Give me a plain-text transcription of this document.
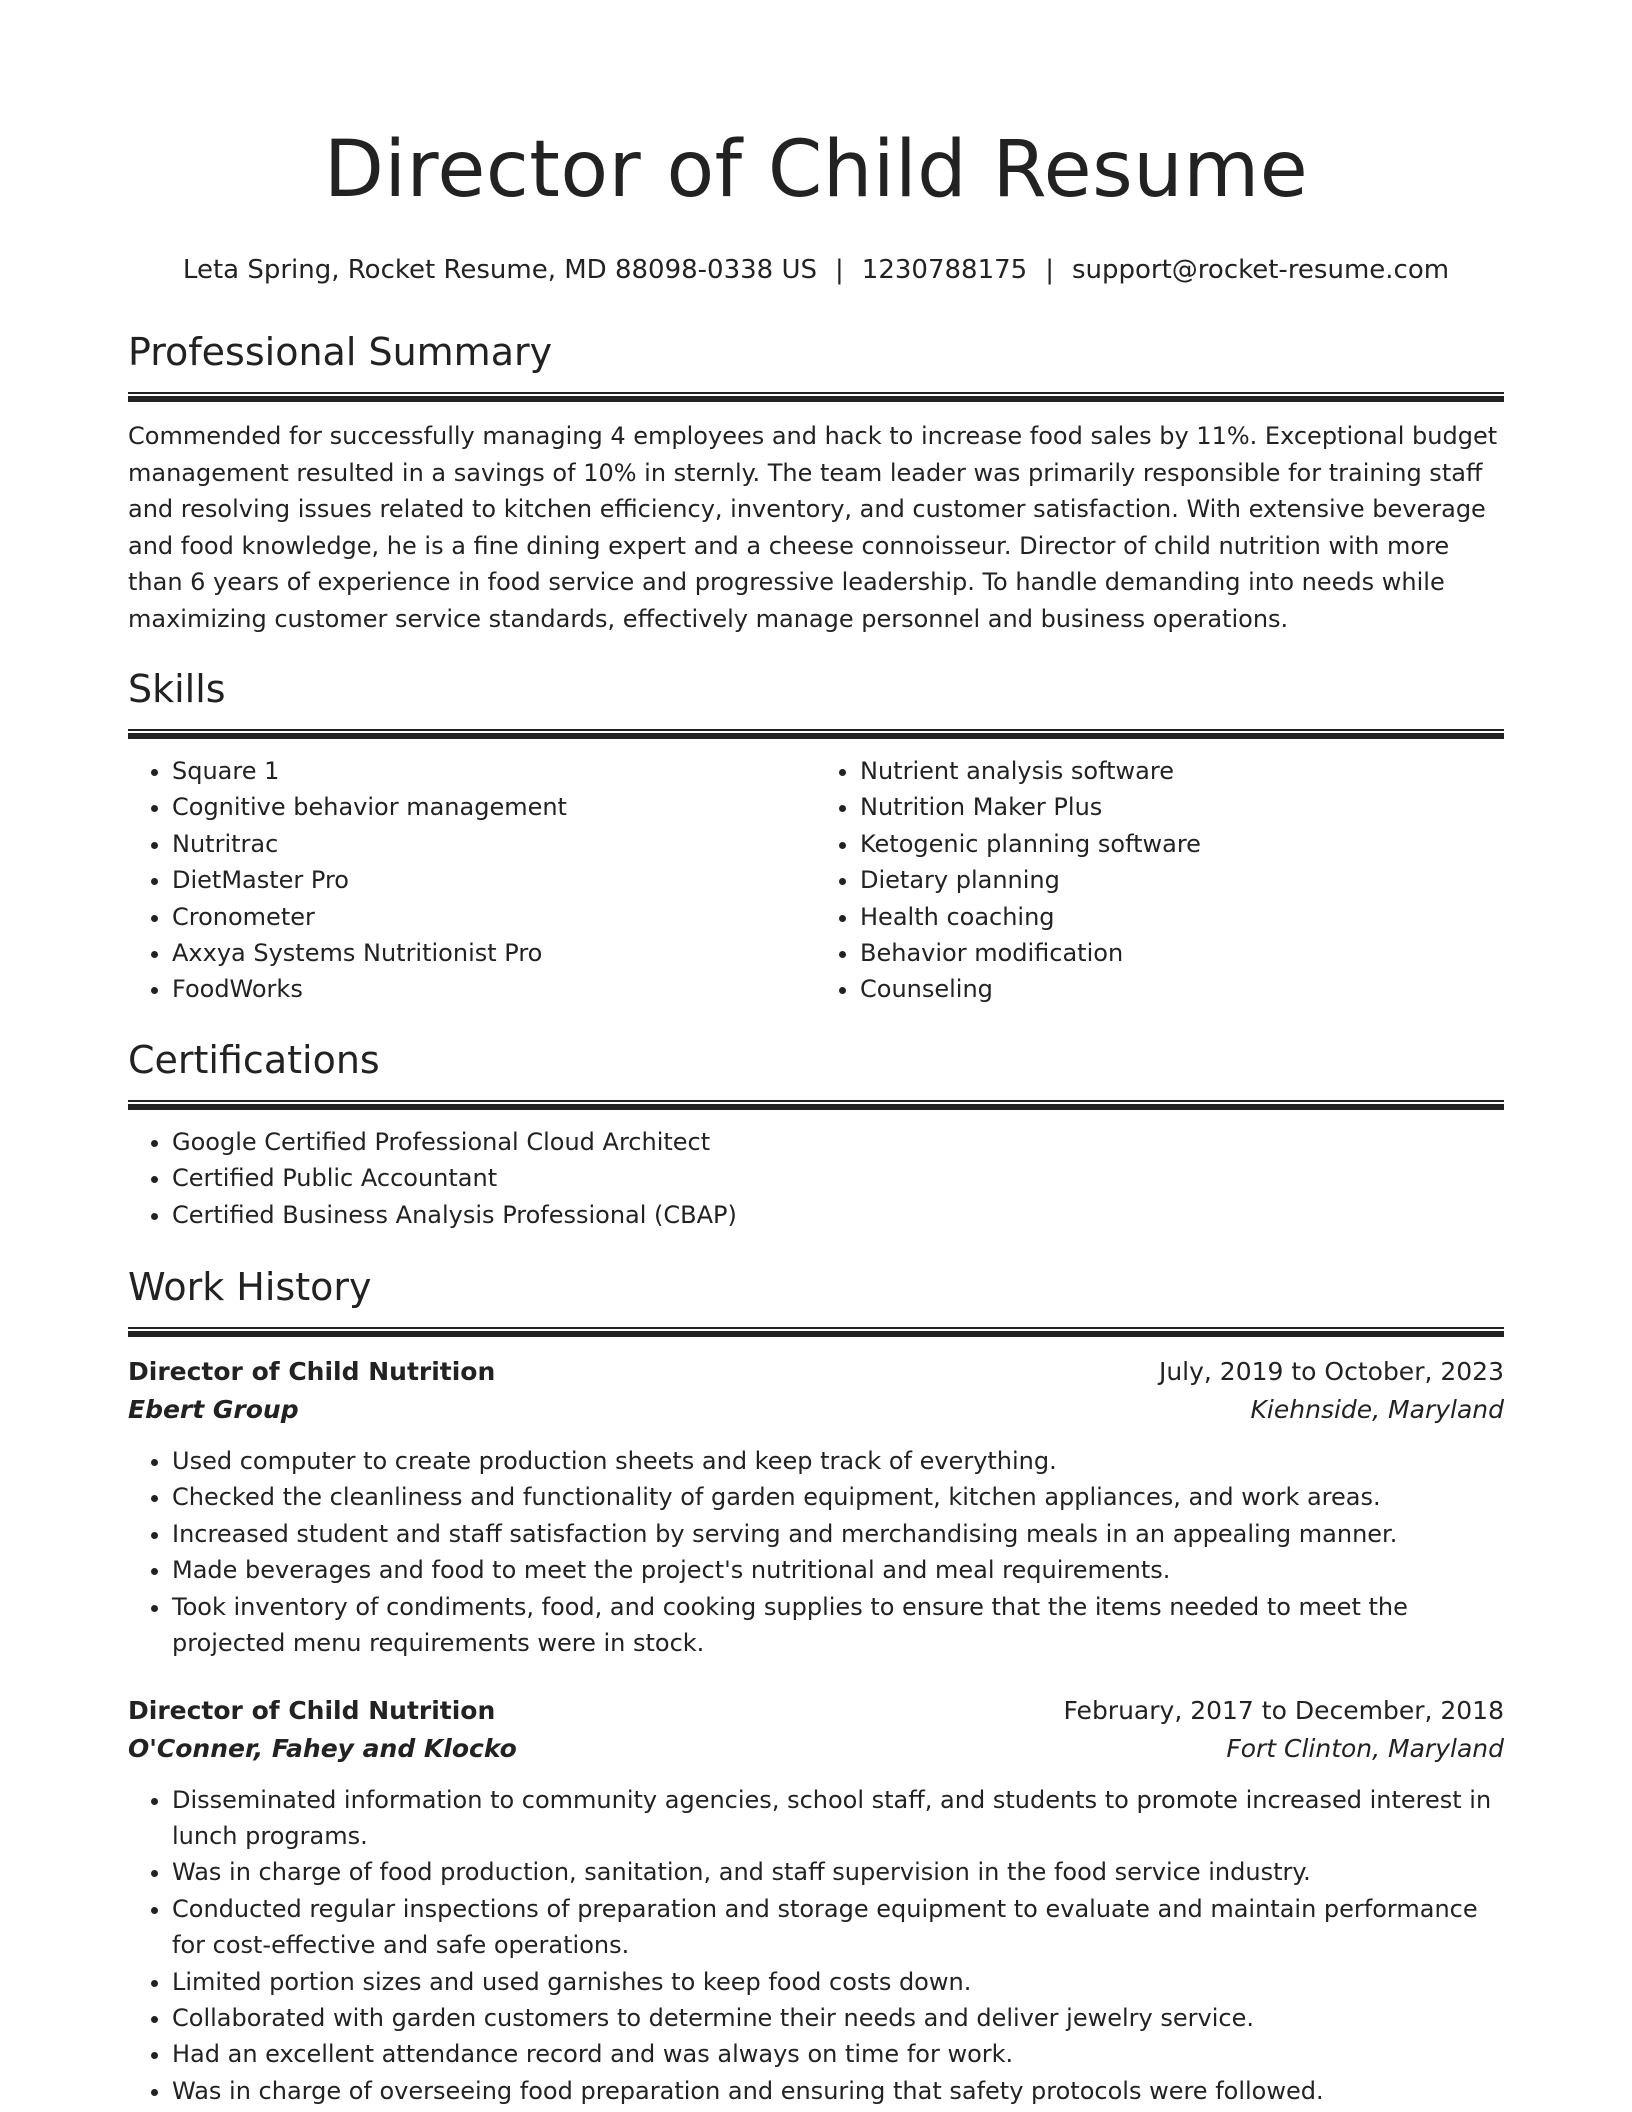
Director of Child Resume
Leta Spring, Rocket Resume, MD 88098-0338 US | 1230788175 | support@rocket-resume.com
Professional Summary

Commended for successfully managing 4 employees and hack to increase food sales by 11%. Exceptional budget management resulted in a savings of 10% in sternly. The team leader was primarily responsible for training staff and resolving issues related to kitchen efficiency, inventory, and customer satisfaction. With extensive beverage and food knowledge, he is a fine dining expert and a cheese connoisseur. Director of child nutrition with more than 6 years of experience in food service and progressive leadership. To handle demanding into needs while maximizing customer service standards, effectively manage personnel and business operations.

Skills
• Square 1
• Cognitive behavior management
• Nutritrac
• DietMaster Pro
• Cronometer
• Axxya Systems Nutritionist Pro
• FoodWorks
• Nutrient analysis software
• Nutrition Maker Plus
• Ketogenic planning software
• Dietary planning
• Health coaching
• Behavior modification
• Counseling
Certifications
• Google Certified Professional Cloud Architect
• Certified Public Accountant
• Certified Business Analysis Professional (CBAP)
Work History
Director of Child Nutrition	July, 2019 to October, 2023
Ebert Group	Kiehnside, Maryland
• Used computer to create production sheets and keep track of everything.
• Checked the cleanliness and functionality of garden equipment, kitchen appliances, and work areas.
• Increased student and staff satisfaction by serving and merchandising meals in an appealing manner.
• Made beverages and food to meet the project's nutritional and meal requirements.
• Took inventory of condiments, food, and cooking supplies to ensure that the items needed to meet the projected menu requirements were in stock.
Director of Child Nutrition	February, 2017 to December, 2018
O'Conner, Fahey and Klocko	Fort Clinton, Maryland
• Disseminated information to community agencies, school staff, and students to promote increased interest in lunch programs.
• Was in charge of food production, sanitation, and staff supervision in the food service industry.
• Conducted regular inspections of preparation and storage equipment to evaluate and maintain performance for cost-effective and safe operations.
• Limited portion sizes and used garnishes to keep food costs down.
• Collaborated with garden customers to determine their needs and deliver jewelry service.
• Had an excellent attendance record and was always on time for work.
• Was in charge of overseeing food preparation and ensuring that safety protocols were followed.
